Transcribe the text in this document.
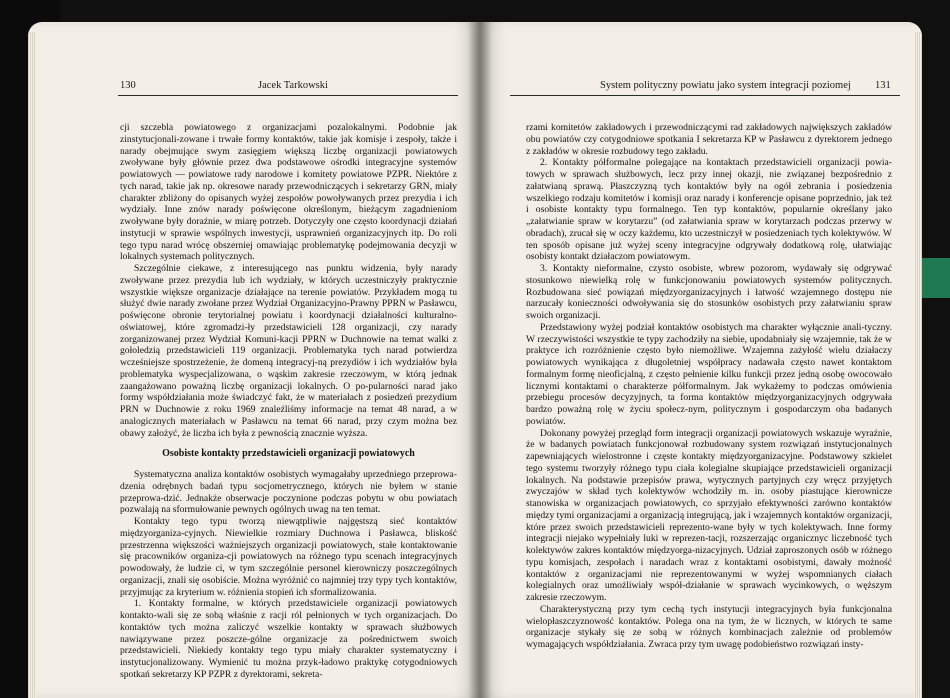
130	Jacek Tarkowski

cji szczebla powiatowego z organizacjami pozalokalnymi. Podobnie jak zinstytucjonali-zowane i trwałe formy kontaktów, takie jak komisje i zespoły, także i narady obejmujące swym zasięgiem większą liczbę organizacji powiatowych zwoływane były głównie przez dwa podstawowe ośrodki integracyjne systemów powiatowych — powiatowe rady narodowe i komitety powiatowe PZPR. Niektóre z tych narad, takie jak np. okresowe narady przewodniczących i sekretarzy GRN, miały charakter zbliżony do opisanych wyżej zespołów powoływanych przez prezydia i ich wydziały. Inne znów narady poświęcone określonym, bieżącym zagadnieniom zwoływane były doraźnie, w miarę potrzeb. Dotyczyły one często koordynacji działań instytucji w sprawie wspólnych inwestycji, usprawnień organizacyjnych itp. Do roli tego typu narad wrócę obszerniej omawiając problematykę podejmowania decyzji w lokalnych systemach politycznych.

Szczególnie ciekawe, z interesującego nas punktu widzenia, były narady zwoływane przez prezydia lub ich wydziały, w których uczestniczyły praktycznie wszystkie większe organizacje działające na terenie powiatów. Przykładem mogą tu służyć dwie narady zwołane przez Wydział Organizacyjno-Prawny PPRN w Pasławcu, poświęcone obronie terytorialnej powiatu i koordynacji działalności kulturalno-oświatowej, które zgromadzi-ły przedstawicieli 128 organizacji, czy narady zorganizowanej przez Wydział Komuni-kacji PPRN w Duchnowie na temat walki z gołoledzią przedstawicieli 119 organizacji. Problematyka tych narad potwierdza wcześniejsze spostrzeżenie, że domeną integracyj-ną prezydiów i ich wydziałów była problematyka wyspecjalizowana, o wąskim zakresie rzeczowym, w którą jednak zaangażowano poważną liczbę organizacji lokalnych. O po-pularności narad jako formy współdziałania może świadczyć fakt, że w materiałach z posiedzeń prezydium PRN w Duchnowie z roku 1969 znaleźliśmy informacje na temat 48 narad, a w analogicznych materiałach w Pasławcu na temat 66 narad, przy czym można bez obawy założyć, że liczba ich była z pewnością znacznie wyższa.

Osobiste kontakty przedstawicieli organizacji powiatowych

Systematyczna analiza kontaktów osobistych wymagałaby uprzedniego przeprowa-dzenia odrębnych badań typu socjometrycznego, których nie byłem w stanie przeprowa-dzić. Jednakże obserwacje poczynione podczas pobytu w obu powiatach pozwalają na sformułowanie pewnych ogólnych uwag na ten temat.

Kontakty tego typu tworzą niewątpliwie najgęstszą sieć kontaktów międzyorganiza-cyjnych. Niewielkie rozmiary Duchnowa i Pasławca, bliskość przestrzenna większości ważniejszych organizacji powiatowych, stałe kontaktowanie się pracowników organiza-cji powiatowych na różnego typu scenach integracyjnych powodowały, że ludzie ci, w tym szczególnie personel kierowniczy poszczególnych organizacji, znali się osobiście. Można wyróżnić co najmniej trzy typy tych kontaktów, przyjmując za kryterium w. różnienia stopień ich sformalizowania.

1. Kontakty formalne, w których przedstawiciele organizacji powiatowych kontakto-wali się ze sobą właśnie z racji ról pełnionych w tych organizacjach. Do kontaktów tych można zaliczyć wszelkie kontakty w sprawach służbowych nawiązywane przez poszcze-gólne organizacje za pośrednictwem swoich przedstawicieli. Niekiedy kontakty tego typu miały charakter systematyczny i instytucjonalizowany. Wymienić tu można przyk-ładowo praktykę cotygodniowych spotkań sekretarzy KP PZPR z dyrektorami, sekreta-

System polityczny powiatu jako system integracji poziomej 131

rzami komitetów zakładowych i przewodniczącymi rad zakładowych największych zakładów obu powiatów czy cotygodniowe spotkania I sekretarza KP w Pasławcu z dyrektorem jednego z zakładów w okresie rozbudowy tego zakładu.

2. Kontakty półformalne polegające na kontaktach przedstawicieli organizacji powia-towych w sprawach służbowych, lecz przy innej okazji, nie związanej bezpośrednio z załatwianą sprawą. Płaszczyzną tych kontaktów były na ogół zebrania i posiedzenia wszelkiego rodzaju komitetów i komisji oraz narady i konferencje opisane poprzednio, jak też i osobiste kontakty typu formalnego. Ten typ kontaktów, popularnie określany jako „załatwianie spraw w korytarzu” (od załatwiania spraw w korytarzach podczas przerwy w obradach), zrucał się w oczy każdemu, kto uczestniczył w posiedzeniach tych kolektywów. W ten sposób opisane już wyżej sceny integracyjne odgrywały dodatkową rolę, ułatwiając osobisty kontakt działaczom powiatowym.

3. Kontakty nieformalne, czysto osobiste, wbrew pozorom, wydawały się odgrywać stosunkowo niewielką rolę w funkcjonowaniu powiatowych systemów politycznych. Rozbudowana sieć powiązań międzyorganizacyjnych i łatwość wzajemnego dostępu nie narzucały konieczności odwoływania się do stosunków osobistych przy załatwianiu spraw swoich organizacji.

Przedstawiony wyżej podział kontaktów osobistych ma charakter wyłącznie anali-tyczny. W rzeczywistości wszystkie te typy zachodziły na siebie, upodabniały się wzajemnie, tak że w praktyce ich rozróżnienie często było niemożliwe. Wzajemna zażyłość wielu działaczy powiatowych wynikająca z długoletniej współpracy nadawała często nawet kontaktom formalnym formę nieoficjalną, z często pełnienie kilku funkcji przez jedną osobę owocowało licznymi kontaktami o charakterze półformalnym. Jak wykażemy to podczas omówienia przebiegu procesów decyzyjnych, ta forma kontaktów międzyorganizacyjnych odgrywała bardzo poważną rolę w życiu społecz-nym, politycznym i gospodarczym oba badanych powiatów.

Dokonany powyżej przegląd form integracji organizacji powiatowych wskazuje wyraźnie, że w badanych powiatach funkcjonował rozbudowany system rozwiązań instytucjonalnych zapewniających wielostronne i częste kontakty międzyorganizacyjne. Podstawowy szkielet tego systemu tworzyły różnego typu ciała kolegialne skupiające przedstawicieli organizacji lokalnych. Na podstawie przepisów prawa, wytycznych partyjnych czy wręcz przyjętych zwyczajów w skład tych kolektywów wchodziły m. in. osoby piastujące kierownicze stanowiska w organizacjach powiatowych, co sprzyjało efektywności zarówno kontaktów między tymi organizacjami a organizacją integrującą, jak i wzajemnych kontaktów organizacji, które przez swoich przedstawicieli reprezento-wane były w tych kolektywach. Inne formy integracji niejako wypełniały luki w reprezen-tacji, rozszerzając organicznyc liczebność tych kolektywów zakres kontaktów międzyorga-nizacyjnych. Udział zaproszonych osób w różnego typu komisjach, zespołach i naradach wraz z kontaktami osobistymi, dawały możność kontaktów z organizacjami nie reprezentowanymi w wyżej wspomnianych ciałach kolegialnych oraz umożliwiały współ-działanie w sprawach wycinkowych, o węższym zakresie rzeczowym.

Charakterystyczną przy tym cechą tych instytucji integracyjnych była funkcjonalna wielopłaszczyznowość kontaktów. Polega ona na tym, że w licznych, w których te same organizacje stykały się ze sobą w różnych kombinacjach zależnie od problemów wymagających współdziałania. Zwraca przy tym uwagę podobieństwo rozwiązań insty-
